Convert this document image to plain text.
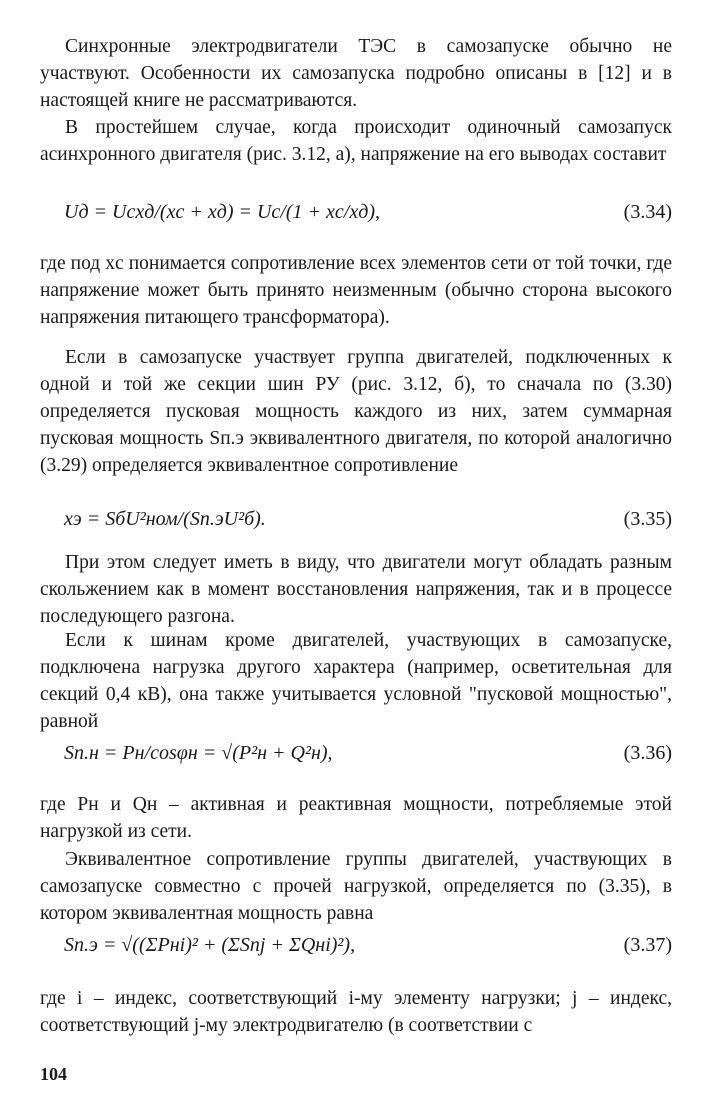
Синхронные электродвигатели ТЭС в самозапуске обычно не участвуют. Особенности их самозапуска подробно описаны в [12] и в настоящей книге не рассматриваются.

В простейшем случае, когда происходит одиночный самозапуск асинхронного двигателя (рис. 3.12, а), напряжение на его выводах составит

Uд = Uсxд/(xс + xд) = Uс/(1 + xс/xд),	(3.34)

где под xс понимается сопротивление всех элементов сети от той точки, где напряжение может быть принято неизменным (обычно сторона высокого напряжения питающего трансформатора).

Если в самозапуске участвует группа двигателей, подключенных к одной и той же секции шин РУ (рис. 3.12, б), то сначала по (3.30) определяется пусковая мощность каждого из них, затем суммарная пусковая мощность Sп.э эквивалентного двигателя, по которой аналогично (3.29) определяется эквивалентное сопротивление

xэ = SбU²ном/(Sп.эU²б).	(3.35)

При этом следует иметь в виду, что двигатели могут обладать разным скольжением как в момент восстановления напряжения, так и в процессе последующего разгона.

Если к шинам кроме двигателей, участвующих в самозапуске, подключена нагрузка другого характера (например, осветительная для секций 0,4 кВ), она также учитывается условной "пусковой мощностью", равной

Sп.н = Pн/cosφн = √(P²н + Q²н),	(3.36)

где Pн и Qн – активная и реактивная мощности, потребляемые этой нагрузкой из сети.

Эквивалентное сопротивление группы двигателей, участвующих в самозапуске совместно с прочей нагрузкой, определяется по (3.35), в котором эквивалентная мощность равна

Sп.э = √((ΣPнi)² + (ΣSпj + ΣQнi)²),	(3.37)

где i – индекс, соответствующий i-му элементу нагрузки; j – индекс, соответствующий j-му электродвигателю (в соответствии с

104
